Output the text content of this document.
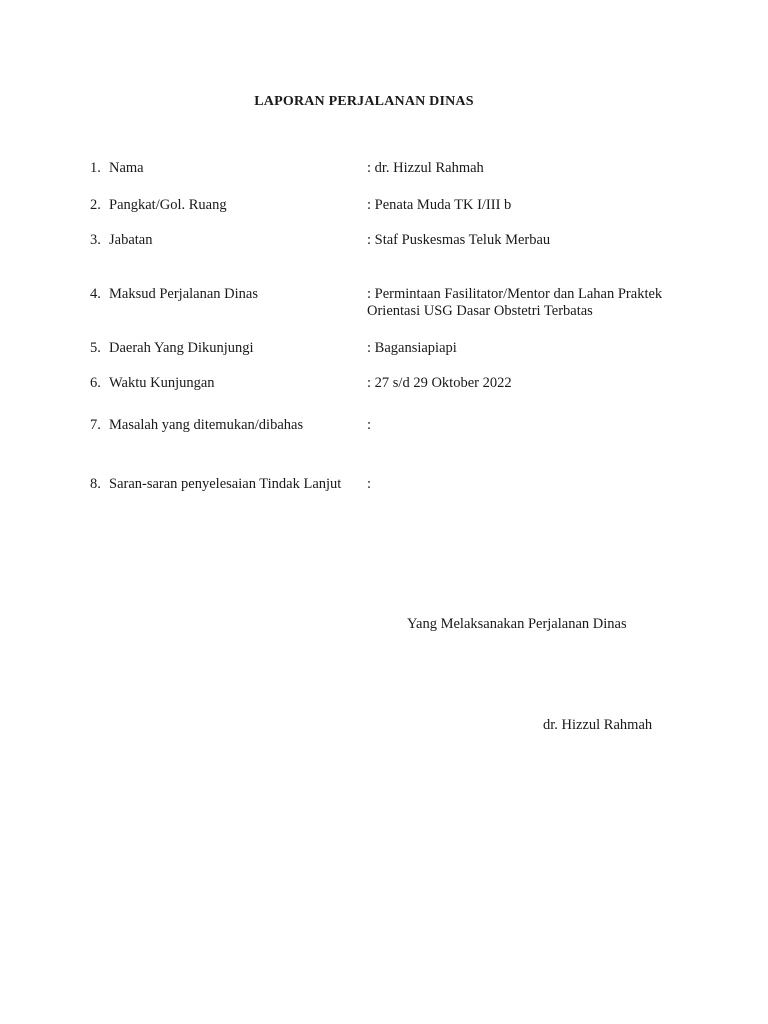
LAPORAN PERJALANAN DINAS
1. Nama	: dr. Hizzul Rahmah
2. Pangkat/Gol. Ruang	: Penata Muda TK I/III b
3. Jabatan	: Staf Puskesmas Teluk Merbau
4. Maksud Perjalanan Dinas	: Permintaan Fasilitator/Mentor dan Lahan Praktek Orientasi USG Dasar Obstetri Terbatas
5. Daerah Yang Dikunjungi	: Bagansiapiapi
6. Waktu Kunjungan	: 27 s/d 29 Oktober 2022
7. Masalah yang ditemukan/dibahas	:
8. Saran-saran penyelesaian Tindak Lanjut :
Yang Melaksanakan Perjalanan Dinas
dr. Hizzul Rahmah
